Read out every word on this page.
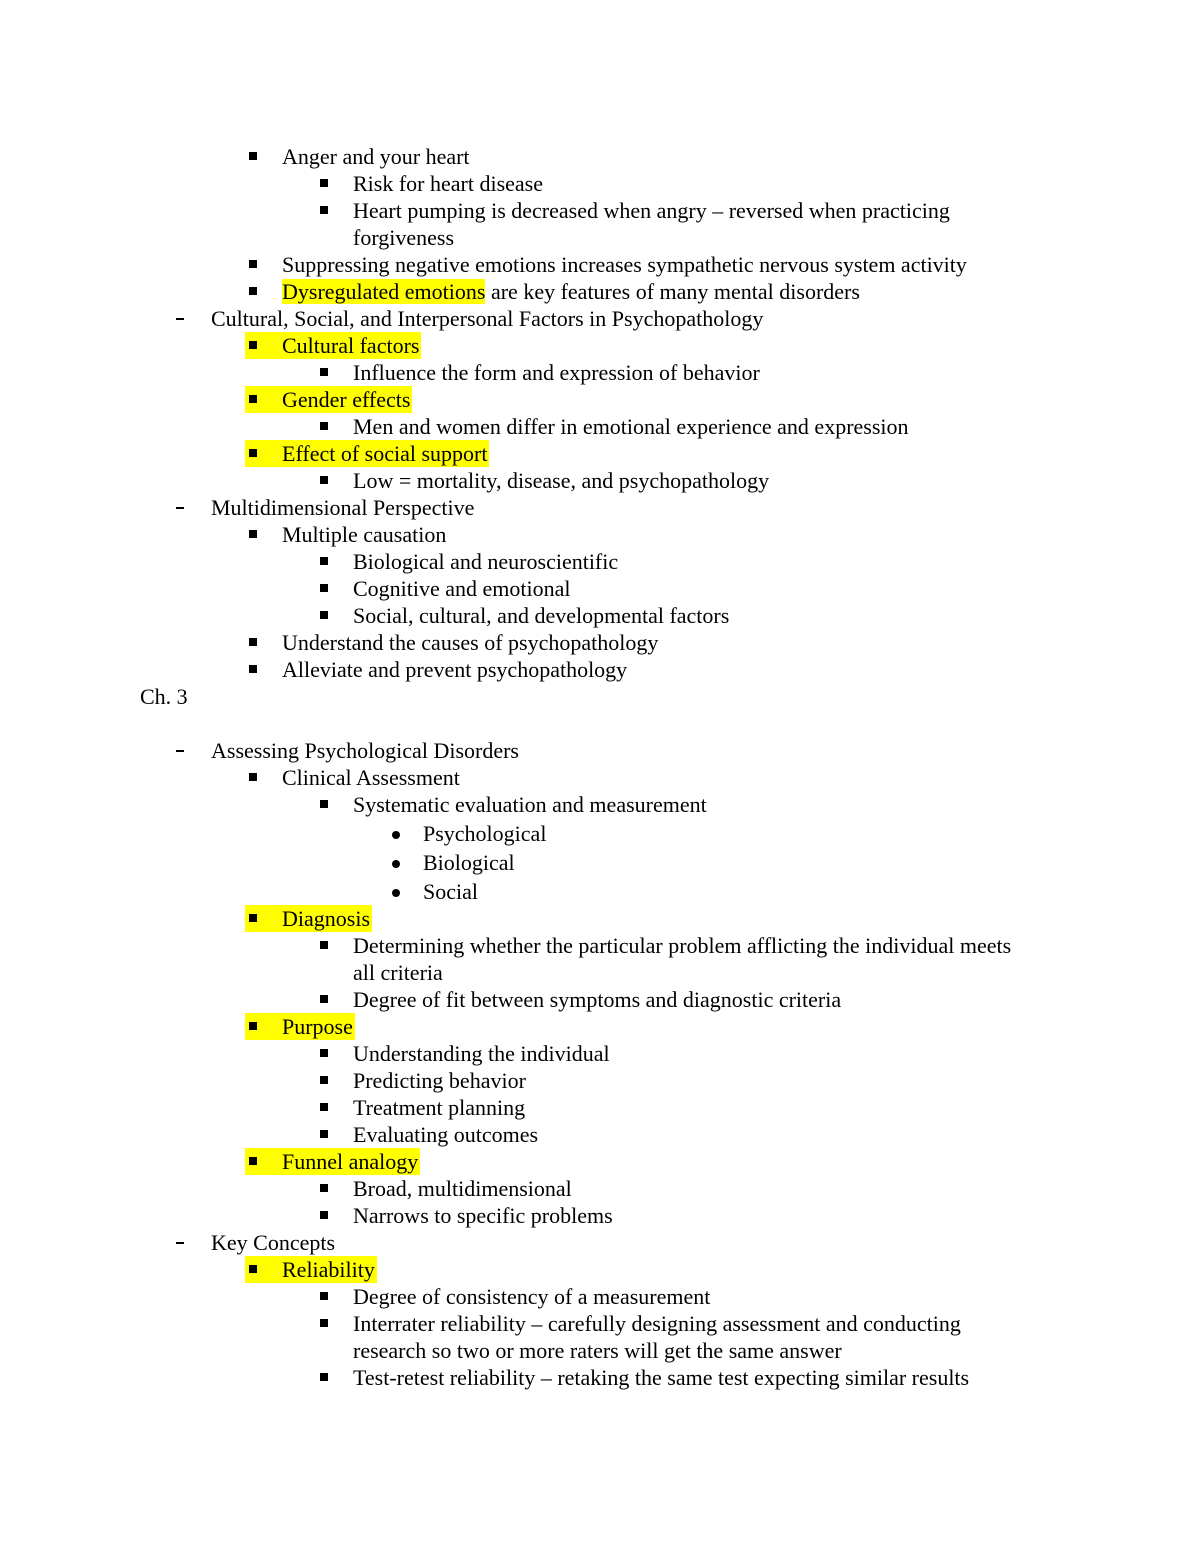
Anger and your heart
Risk for heart disease
Heart pumping is decreased when angry – reversed when practicing
forgiveness
Suppressing negative emotions increases sympathetic nervous system activity
Dysregulated emotions are key features of many mental disorders
Cultural, Social, and Interpersonal Factors in Psychopathology
Cultural factors
Influence the form and expression of behavior
Gender effects
Men and women differ in emotional experience and expression
Effect of social support
Low = mortality, disease, and psychopathology
Multidimensional Perspective
Multiple causation
Biological and neuroscientific
Cognitive and emotional
Social, cultural, and developmental factors
Understand the causes of psychopathology
Alleviate and prevent psychopathology
Ch. 3
Assessing Psychological Disorders
Clinical Assessment
Systematic evaluation and measurement
Psychological
Biological
Social
Diagnosis
Determining whether the particular problem afflicting the individual meets
all criteria
Degree of fit between symptoms and diagnostic criteria
Purpose
Understanding the individual
Predicting behavior
Treatment planning
Evaluating outcomes
Funnel analogy
Broad, multidimensional
Narrows to specific problems
Key Concepts
Reliability
Degree of consistency of a measurement
Interrater reliability – carefully designing assessment and conducting
research so two or more raters will get the same answer
Test-retest reliability – retaking the same test expecting similar results
